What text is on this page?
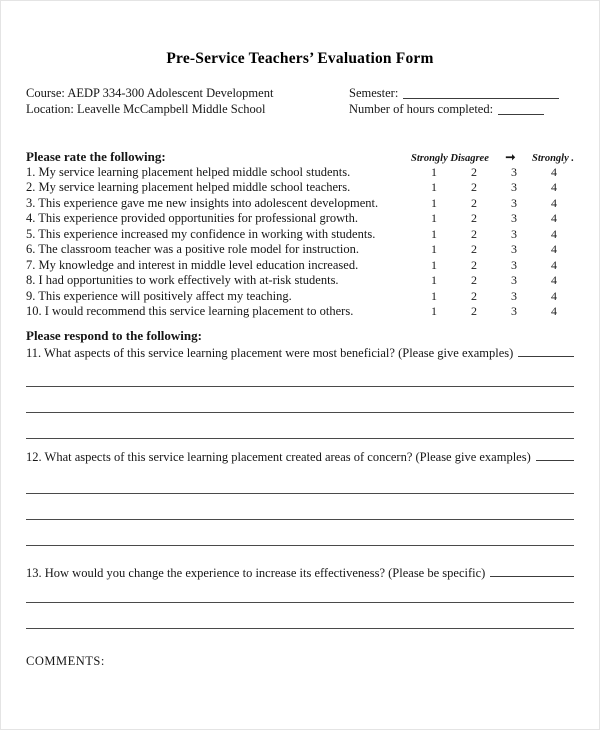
Pre-Service Teachers’ Evaluation Form
Course: AEDP 334-300 Adolescent Development	Semester:
Location: Leavelle McCampbell Middle School	Number of hours completed:
Please rate the following:	Strongly Disagree ➞ Strongly .
1. My service learning placement helped middle school students.	1	2	3	4
2. My service learning placement helped middle school teachers.	1	2	3	4
3. This experience gave me new insights into adolescent development.	1	2	3	4
4. This experience provided opportunities for professional growth.	1	2	3	4
5. This experience increased my confidence in working with students.	1	2	3	4
6. The classroom teacher was a positive role model for instruction.	1	2	3	4
7. My knowledge and interest in middle level education increased.	1	2	3	4
8. I had opportunities to work effectively with at-risk students.	1	2	3	4
9. This experience will positively affect my teaching.	1	2	3	4
10. I would recommend this service learning placement to others.	1	2	3	4
Please respond to the following:
11. What aspects of this service learning placement were most beneficial? (Please give examples)
12. What aspects of this service learning placement created areas of concern? (Please give examples)
13. How would you change the experience to increase its effectiveness? (Please be specific)
COMMENTS:
